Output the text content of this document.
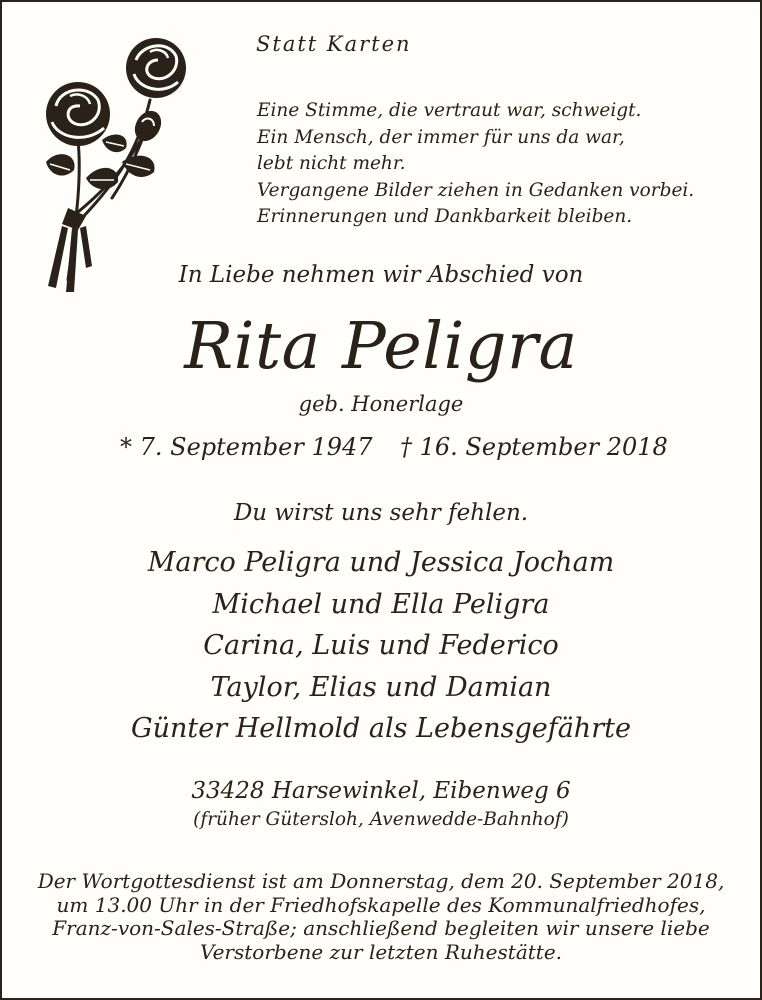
Statt Karten
Eine Stimme, die vertraut war, schweigt.
Ein Mensch, der immer für uns da war,
lebt nicht mehr.
Vergangene Bilder ziehen in Gedanken vorbei.
Erinnerungen und Dankbarkeit bleiben.
In Liebe nehmen wir Abschied von
Rita Peligra
geb. Honerlage
* 7. September 1947 † 16. September 2018
Du wirst uns sehr fehlen.
Marco Peligra und Jessica Jocham
Michael und Ella Peligra
Carina, Luis und Federico
Taylor, Elias und Damian
Günter Hellmold als Lebensgefährte
33428 Harsewinkel, Eibenweg 6
(früher Gütersloh, Avenwedde-Bahnhof)
Der Wortgottesdienst ist am Donnerstag, dem 20. September 2018,
um 13.00 Uhr in der Friedhofskapelle des Kommunalfriedhofes,
Franz-von-Sales-Straße; anschließend begleiten wir unsere liebe
Verstorbene zur letzten Ruhestätte.
